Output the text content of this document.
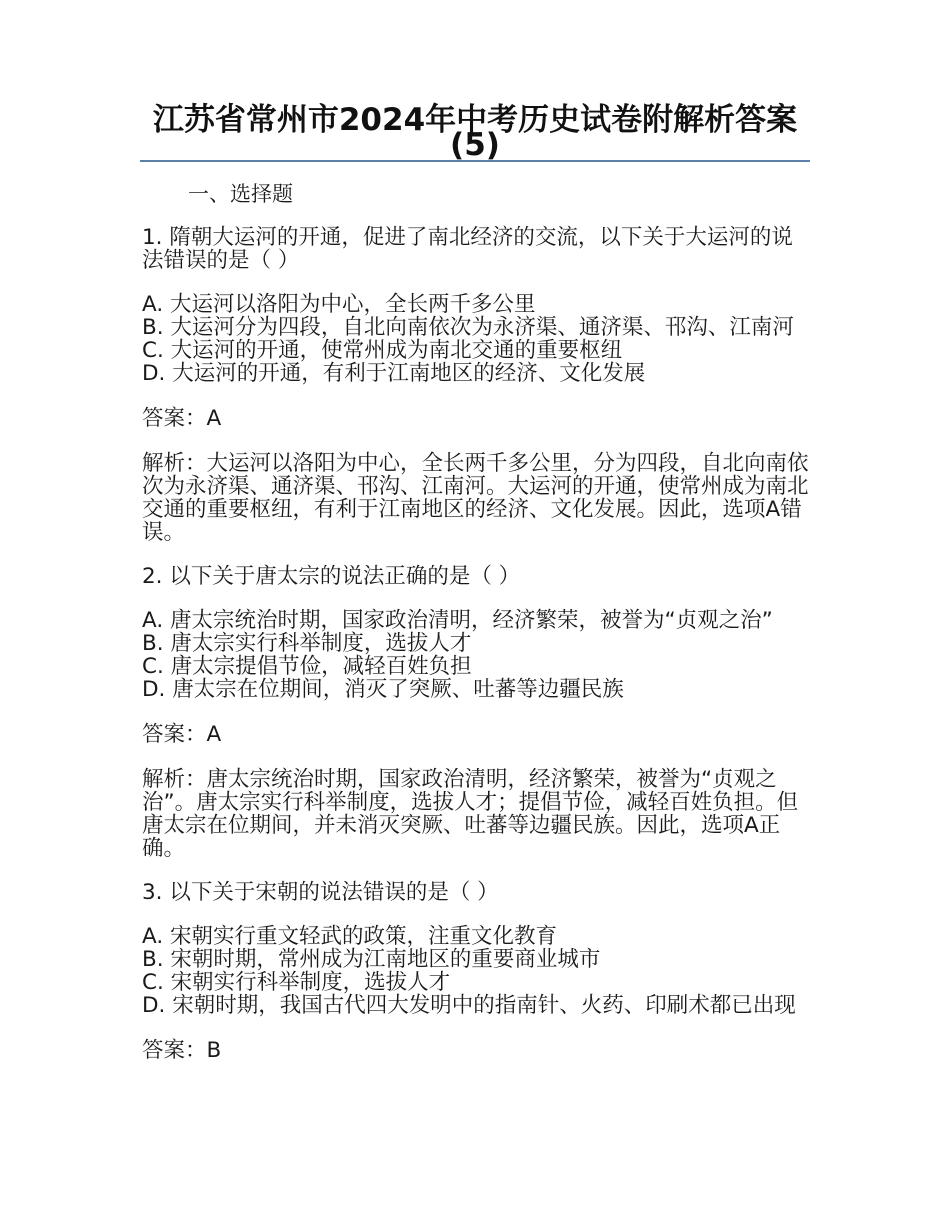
江苏省常州市2024年中考历史试卷附解析答案(5)
一、选择题
1. 隋朝大运河的开通，促进了南北经济的交流，以下关于大运河的说法错误的是（ ）
A. 大运河以洛阳为中心，全长两千多公里
B. 大运河分为四段，自北向南依次为永济渠、通济渠、邗沟、江南河
C. 大运河的开通，使常州成为南北交通的重要枢纽
D. 大运河的开通，有利于江南地区的经济、文化发展
答案：A
解析：大运河以洛阳为中心，全长两千多公里，分为四段，自北向南依次为永济渠、通济渠、邗沟、江南河。大运河的开通，使常州成为南北交通的重要枢纽，有利于江南地区的经济、文化发展。因此，选项A错误。
2. 以下关于唐太宗的说法正确的是（ ）
A. 唐太宗统治时期，国家政治清明，经济繁荣，被誉为“贞观之治”
B. 唐太宗实行科举制度，选拔人才
C. 唐太宗提倡节俭，减轻百姓负担
D. 唐太宗在位期间，消灭了突厥、吐蕃等边疆民族
答案：A
解析：唐太宗统治时期，国家政治清明，经济繁荣，被誉为“贞观之治”。唐太宗实行科举制度，选拔人才；提倡节俭，减轻百姓负担。但唐太宗在位期间，并未消灭突厥、吐蕃等边疆民族。因此，选项A正确。
3. 以下关于宋朝的说法错误的是（ ）
A. 宋朝实行重文轻武的政策，注重文化教育
B. 宋朝时期，常州成为江南地区的重要商业城市
C. 宋朝实行科举制度，选拔人才
D. 宋朝时期，我国古代四大发明中的指南针、火药、印刷术都已出现
答案：B
